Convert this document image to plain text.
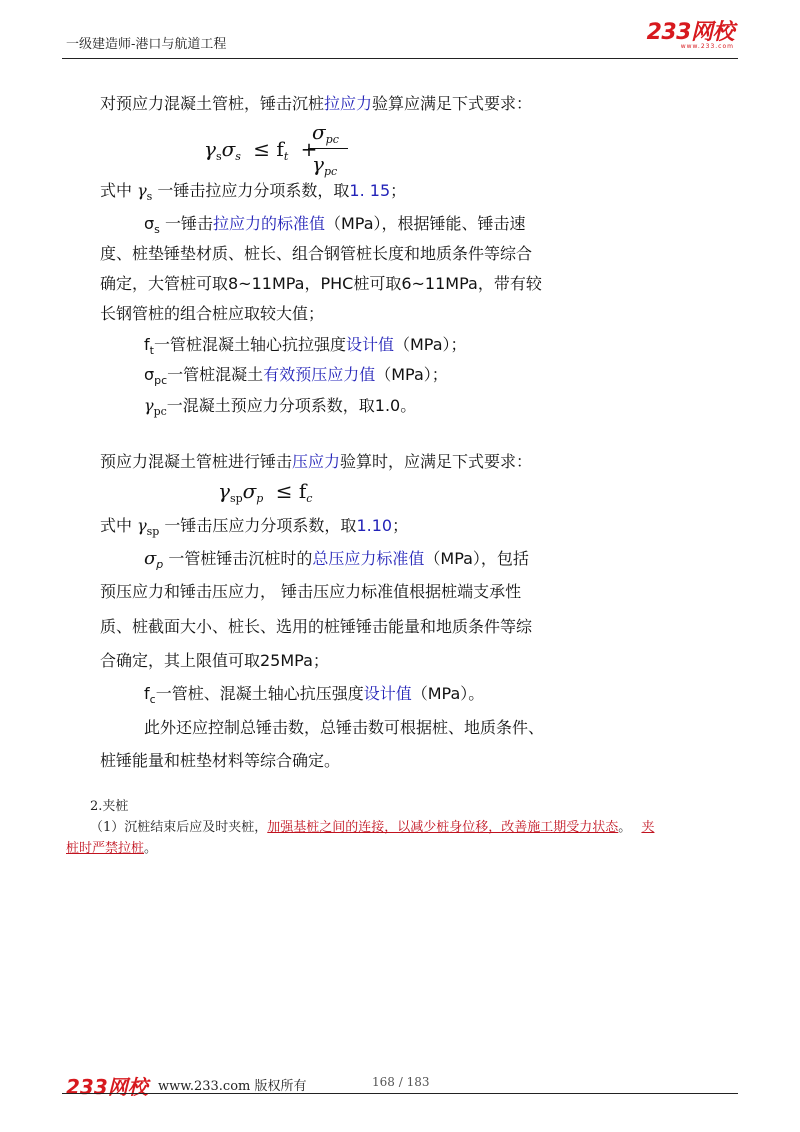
一级建造师-港口与航道工程	233网校
www.233.com
对预应力混凝土管桩，锤击沉桩拉应力验算应满足下式要求：
$\gamma_s\sigma_s \le f_t$ +
$\sigma_{pc}$
$\gamma_{pc}$
式中 $\gamma_s$ 一锤击拉应力分项系数，取1. 15；
$\sigma_s$ 一锤击拉应力的标准值（MPa），根据锤能、锤击速
度、桩垫锤垫材质、桩长、组合钢管桩长度和地质条件等综合
确定，大管桩可取8~11MPa，PHC桩可取6~11MPa，带有较
长钢管桩的组合桩应取较大值；
$f_t$一管桩混凝土轴心抗拉强度设计值（MPa）；
$\sigma_{pc}$一管桩混凝土有效预压应力值（MPa）；
$\gamma_{pc}$一混凝土预应力分项系数，取1.0。
预应力混凝土管桩进行锤击压应力验算时，应满足下式要求：
$\gamma_{sp}\sigma_p \le f_c$
式中 $\gamma_{sp}$ 一锤击压应力分项系数，取1.10；
$\sigma_p$ 一管桩锤击沉桩时的总压应力标准值（MPa），包括
预压应力和锤击压应力， 锤击压应力标准值根据桩端支承性
质、桩截面大小、桩长、选用的桩锤锤击能量和地质条件等综
合确定，其上限值可取25MPa；
$f_c$一管桩、混凝土轴心抗压强度设计值（MPa）。
此外还应控制总锤击数，总锤击数可根据桩、地质条件、
桩锤能量和桩垫材料等综合确定。
2.夹桩
（1）沉桩结束后应及时夹桩，加强基桩之间的连接，以减少桩身位移，改善施工期受力状态。 夹
桩时严禁拉桩。
233网校 www.233.com 版权所有	168 / 183
